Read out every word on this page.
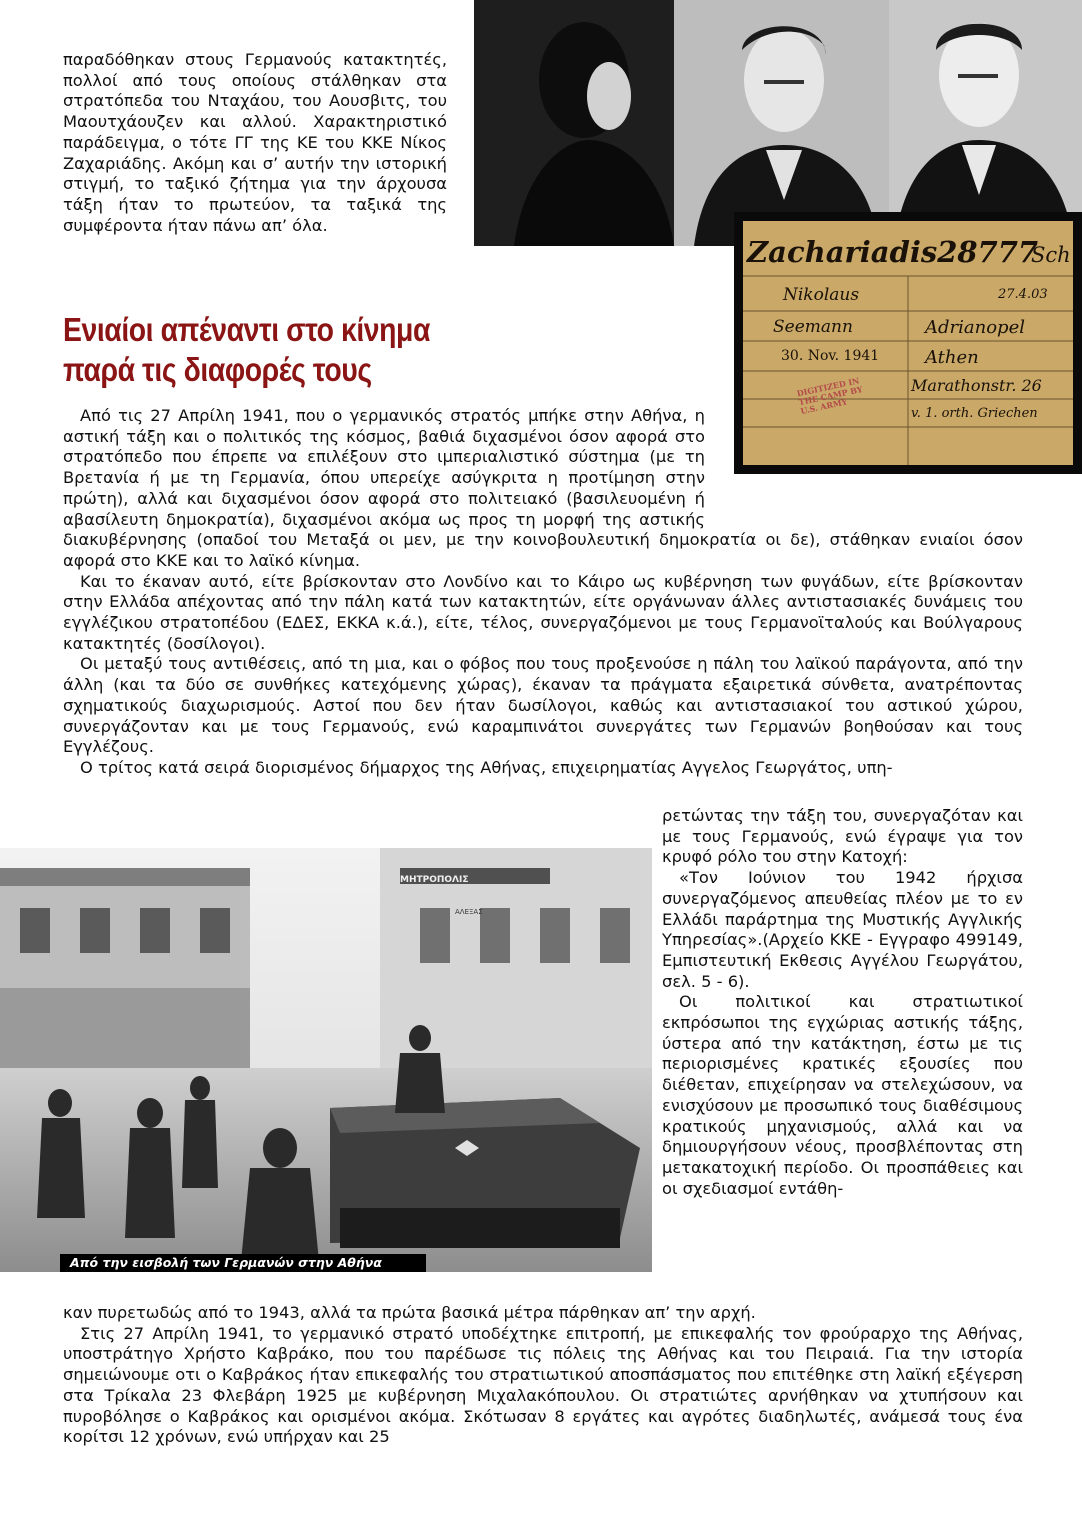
παραδόθηκαν στους Γερμανούς κατακτητές, πολλοί από τους οποίους στάλθηκαν στα στρατόπεδα του Νταχάου, του Αουσβιτς, του Μαουτχάουζεν και αλλού. Χαρακτηριστικό παράδειγμα, ο τότε ΓΓ της ΚΕ του ΚΚΕ Νίκος Ζαχαριάδης. Ακόμη και σ’ αυτήν την ιστορική στιγμή, το ταξικό ζήτημα για την άρχουσα τάξη ήταν το πρωτεύον, τα ταξικά της συμφέροντα ήταν πάνω απ’ όλα.

Zachariadis28777
Sch
Nikolaus	27.4.03
Seemann	Adrianopel
30. Nov. 1941	Athen
DIGITIZED IN THE CAMP BY U.S. ARMY
Marathonstr. 26
v. 1. orth. Griechen
Ενιαίοι απέναντι στο κίνημα
παρά τις διαφορές τους

Από τις 27 Απρίλη 1941, που ο γερμανικός στρατός μπήκε στην Αθήνα, η αστική τάξη και ο πολιτικός της κόσμος, βαθιά διχασμένοι όσον αφορά στο στρατόπεδο που έπρεπε να επιλέξουν στο ιμπεριαλιστικό σύστημα (με τη Βρετανία ή με τη Γερμανία, όπου υπερείχε ασύγκριτα η προτίμηση στην πρώτη), αλλά και διχασμένοι όσον αφορά στο πολιτειακό (βασιλευομένη ή αβασίλευτη δημοκρατία), διχασμένοι ακόμα ως προς τη μορφή της αστικής διακυβέρνησης (οπαδοί του Μεταξά οι μεν, με την κοινοβουλευτική δημοκρατία οι δε), στάθηκαν ενιαίοι όσον αφορά στο ΚΚΕ και το λαϊκό κίνημα.

Και το έκαναν αυτό, είτε βρίσκονταν στο Λονδίνο και το Κάιρο ως κυβέρνηση των φυγάδων, είτε βρίσκονταν στην Ελλάδα απέχοντας από την πάλη κατά των κατακτητών, είτε οργάνωναν άλλες αντιστασιακές δυνάμεις του εγγλέζικου στρατοπέδου (ΕΔΕΣ, ΕΚΚΑ κ.ά.), είτε, τέλος, συνεργαζόμενοι με τους Γερμανοϊταλούς και Βούλγαρους κατακτητές (δοσίλογοι).

Οι μεταξύ τους αντιθέσεις, από τη μια, και ο φόβος που τους προξενούσε η πάλη του λαϊκού παράγοντα, από την άλλη (και τα δύο σε συνθήκες κατεχόμενης χώρας), έκαναν τα πράγματα εξαιρετικά σύνθετα, ανατρέποντας σχηματικούς διαχωρισμούς. Αστοί που δεν ήταν δωσίλογοι, καθώς και αντιστασιακοί του αστικού χώρου, συνεργάζονταν και με τους Γερμανούς, ενώ καραμπινάτοι συνεργάτες των Γερμανών βοηθούσαν και τους Εγγλέζους.

Ο τρίτος κατά σειρά διορισμένος δήμαρχος της Αθήνας, επιχειρηματίας Αγγελος Γεωργάτος, υπη-

ΜΗΤΡΟΠΟΛΙΣ
ΑΛΕΞΑΣ
Από την εισβολή των Γερμανών στην Αθήνα

ρετώντας την τάξη του, συνεργαζόταν και με τους Γερμανούς, ενώ έγραψε για τον κρυφό ρόλο του στην Κατοχή:

«Τον Ιούνιον του 1942 ήρχισα συνεργαζόμενος απευθείας πλέον με το εν Ελλάδι παράρτημα της Μυστικής Αγγλικής Υπηρεσίας».(Αρχείο ΚΚΕ - Εγγραφο 499149, Εμπιστευτική Εκθεσις Αγγέλου Γεωργάτου, σελ. 5 - 6).

Οι πολιτικοί και στρατιωτικοί εκπρόσωποι της εγχώριας αστικής τάξης, ύστερα από την κατάκτηση, έστω με τις περιορισμένες κρατικές εξουσίες που διέθεταν, επιχείρησαν να στελεχώσουν, να ενισχύσουν με προσωπικό τους διαθέσιμους κρατικούς μηχανισμούς, αλλά και να δημιουργήσουν νέους, προσβλέποντας στη μετακατοχική περίοδο. Οι προσπάθειες και οι σχεδιασμοί εντάθη-

καν πυρετωδώς από το 1943, αλλά τα πρώτα βασικά μέτρα πάρθηκαν απ’ την αρχή.

Στις 27 Απρίλη 1941, το γερμανικό στρατό υποδέχτηκε επιτροπή, με επικεφαλής τον φρούραρχο της Αθήνας, υποστράτηγο Χρήστο Καβράκο, που του παρέδωσε τις πόλεις της Αθήνας και του Πειραιά. Για την ιστορία σημειώνουμε οτι ο Καβράκος ήταν επικεφαλής του στρατιωτικού αποσπάσματος που επιτέθηκε στη λαϊκή εξέγερση στα Τρίκαλα 23 Φλεβάρη 1925 με κυβέρνηση Μιχαλακόπουλου. Οι στρατιώτες αρνήθηκαν να χτυπήσουν και πυροβόλησε ο Καβράκος και ορισμένοι ακόμα. Σκότωσαν 8 εργάτες και αγρότες διαδηλωτές, ανάμεσά τους ένα κορίτσι 12 χρόνων, ενώ υπήρχαν και 25
